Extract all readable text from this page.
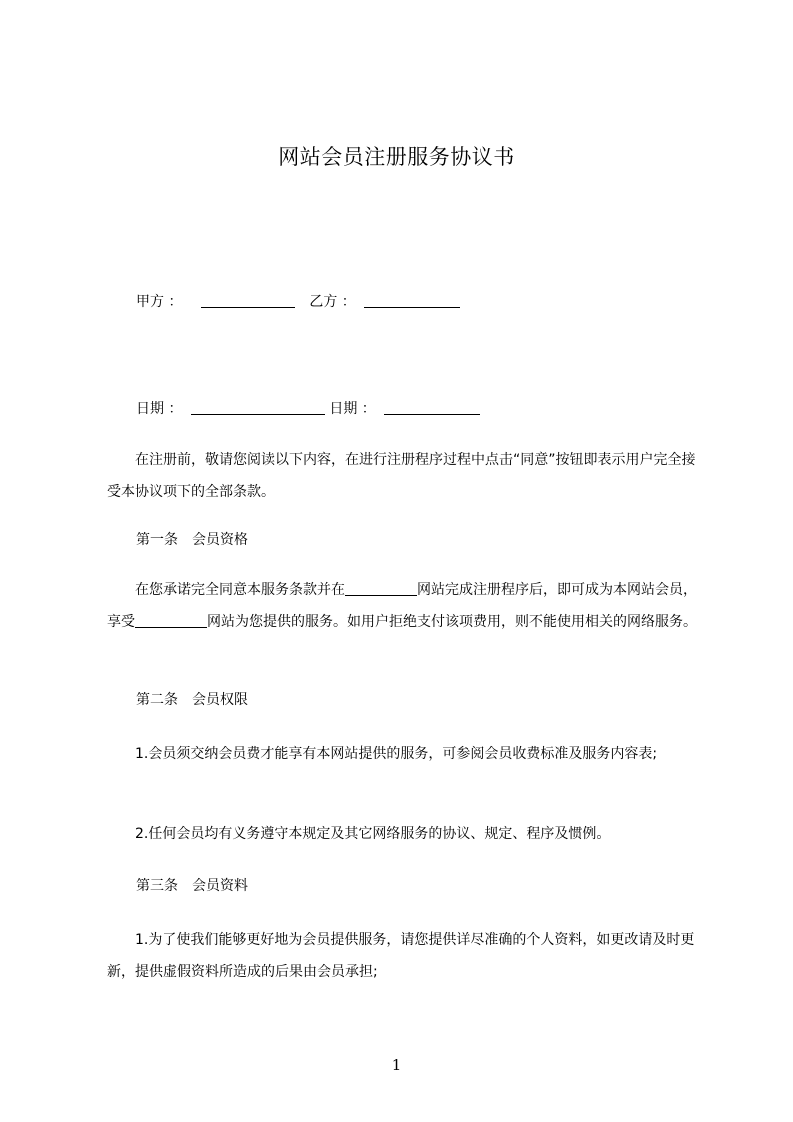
网站会员注册服务协议书
甲方 ：	乙方 ：
日期 ：	日期 ：

在注册前，敬请您阅读以下内容，在进行注册程序过程中点击“同意”按钮即表示用户完全接受本协议项下的全部条款。

第一条　会员资格

在您承诺完全同意本服务条款并在	网站完成注册程序后，即可成为本网站会员，享受	网站为您提供的服务。如用户拒绝支付该项费用，则不能使用相关的网络服务。

第二条　会员权限

1.会员须交纳会员费才能享有本网站提供的服务，可参阅会员收费标准及服务内容表;

2.任何会员均有义务遵守本规定及其它网络服务的协议、规定、程序及惯例。

第三条　会员资料

1.为了使我们能够更好地为会员提供服务，请您提供详尽准确的个人资料，如更改请及时更新，提供虚假资料所造成的后果由会员承担;

1
